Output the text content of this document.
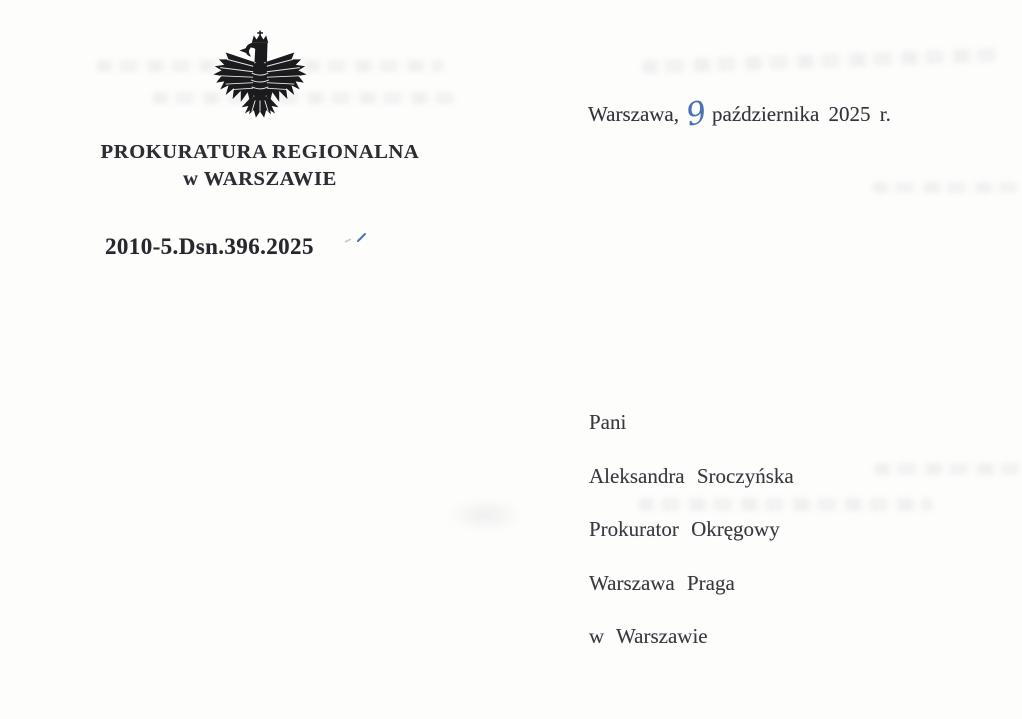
PROKURATURA REGIONALNA
w WARSZAWIE
Warszawa, 9 października 2025 r.
2010-5.Dsn.396.2025
Pani
Aleksandra Sroczyńska
Prokurator Okręgowy
Warszawa Praga
w Warszawie
